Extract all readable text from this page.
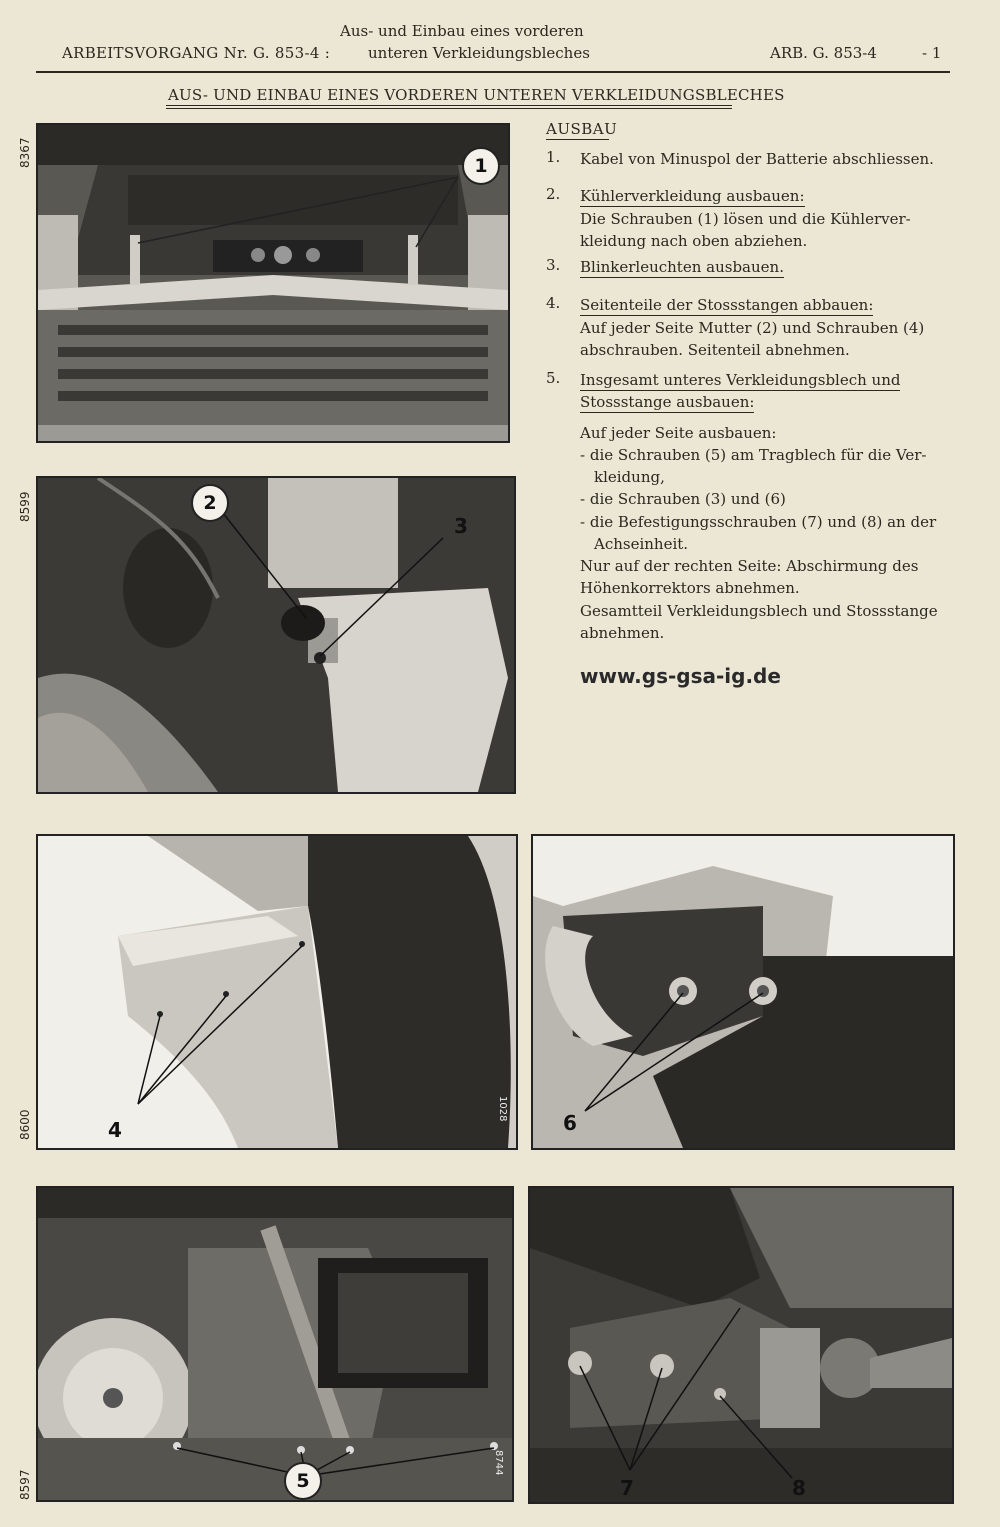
Aus- und Einbau eines vorderen
ARBEITSVORGANG Nr. G. 853-4 :	unteren Verkleidungsbleches	ARB. G. 853-4	- 1
AUS- UND EINBAU EINES VORDEREN UNTEREN VERKLEIDUNGSBLECHES
8367	1
8599	2
3
8600	4
1028
6
8597	5
8744
7	8
AUSBAU
1. Kabel von Minuspol der Batterie abschliessen.
2. Kühlerverkleidung ausbauen:
Die Schrauben (1) lösen und die Kühlerver-
kleidung nach oben abziehen.
3. Blinkerleuchten ausbauen.
4. Seitenteile der Stossstangen abbauen:
Auf jeder Seite Mutter (2) und Schrauben (4)
abschrauben. Seitenteil abnehmen.
5. Insgesamt unteres Verkleidungsblech und
Stossstange ausbauen:
Auf jeder Seite ausbauen:
- die Schrauben (5) am Tragblech für die Ver-
kleidung,
- die Schrauben (3) und (6)
- die Befestigungsschrauben (7) und (8) an der
Achseinheit.
Nur auf der rechten Seite: Abschirmung des
Höhenkorrektors abnehmen.
Gesamtteil Verkleidungsblech und Stossstange
abnehmen.
www.gs-gsa-ig.de
